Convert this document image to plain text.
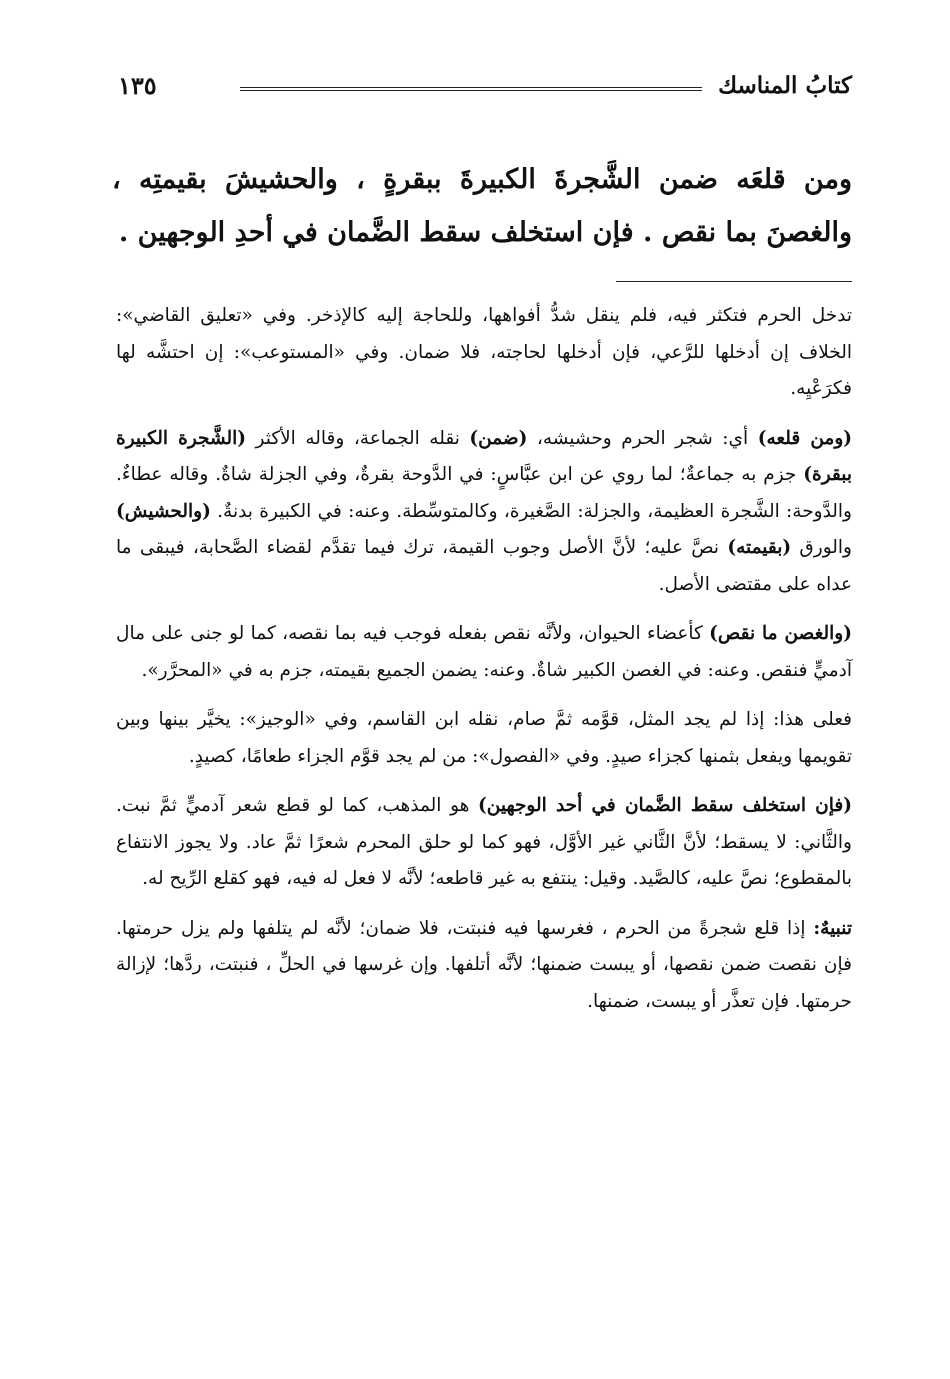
كتابُ المناسك
١٣٥

ومن قلعَه ضمن الشَّجرةَ الكبيرةَ ببقرةٍ ، والحشيشَ بقيمتِه ، والغصنَ بما نقص . فإن استخلف سقط الضَّمان في أحدِ الوجهين .

تدخل الحرم فتكثر فيه، فلم ينقل شدُّ أفواهها، وللحاجة إليه كالإذخر. وفي «تعليق القاضي»: الخلاف إن أدخلها للرَّعي، فإن أدخلها لحاجته، فلا ضمان. وفي «المستوعب»: إن احتشَّه لها فكرَعْيِه.

(ومن قلعه) أي: شجر الحرم وحشيشه، (ضمن) نقله الجماعة، وقاله الأكثر (الشَّجرة الكبيرة ببقرة) جزم به جماعةٌ؛ لما روي عن ابن عبَّاسٍ: في الدَّوحة بقرةٌ، وفي الجزلة شاةٌ. وقاله عطاءٌ. والدَّوحة: الشَّجرة العظيمة، والجزلة: الصَّغيرة، وكالمتوسِّطة. وعنه: في الكبيرة بدنةٌ. (والحشيش) والورق (بقيمته) نصَّ عليه؛ لأنَّ الأصل وجوب القيمة، ترك فيما تقدَّم لقضاء الصَّحابة، فيبقى ما عداه على مقتضى الأصل.

(والغصن ما نقص) كأعضاء الحيوان، ولأنَّه نقص بفعله فوجب فيه بما نقصه، كما لو جنى على مال آدميٍّ فنقص. وعنه: في الغصن الكبير شاةٌ. وعنه: يضمن الجميع بقيمته، جزم به في «المحرَّر».

فعلى هذا: إذا لم يجد المثل، قوَّمه ثمَّ صام، نقله ابن القاسم، وفي «الوجيز»: يخيَّر بينها وبين تقويمها ويفعل بثمنها كجزاء صيدٍ. وفي «الفصول»: من لم يجد قوَّم الجزاء طعامًا، كصيدٍ.

(فإن استخلف سقط الضَّمان في أحد الوجهين) هو المذهب، كما لو قطع شعر آدميٍّ ثمَّ نبت. والثَّاني: لا يسقط؛ لأنَّ الثَّاني غير الأوَّل، فهو كما لو حلق المحرم شعرًا ثمَّ عاد. ولا يجوز الانتفاع بالمقطوع؛ نصَّ عليه، كالصَّيد. وقيل: ينتفع به غير قاطعه؛ لأنَّه لا فعل له فيه، فهو كقلع الرِّيح له.

تنبيهٌ: إذا قلع شجرةً من الحرم ، فغرسها فيه فنبتت، فلا ضمان؛ لأنَّه لم يتلفها ولم يزل حرمتها. فإن نقصت ضمن نقصها، أو يبست ضمنها؛ لأنَّه أتلفها. وإن غرسها في الحلِّ ، فنبتت، ردَّها؛ لإزالة حرمتها. فإن تعذَّر أو يبست، ضمنها.
